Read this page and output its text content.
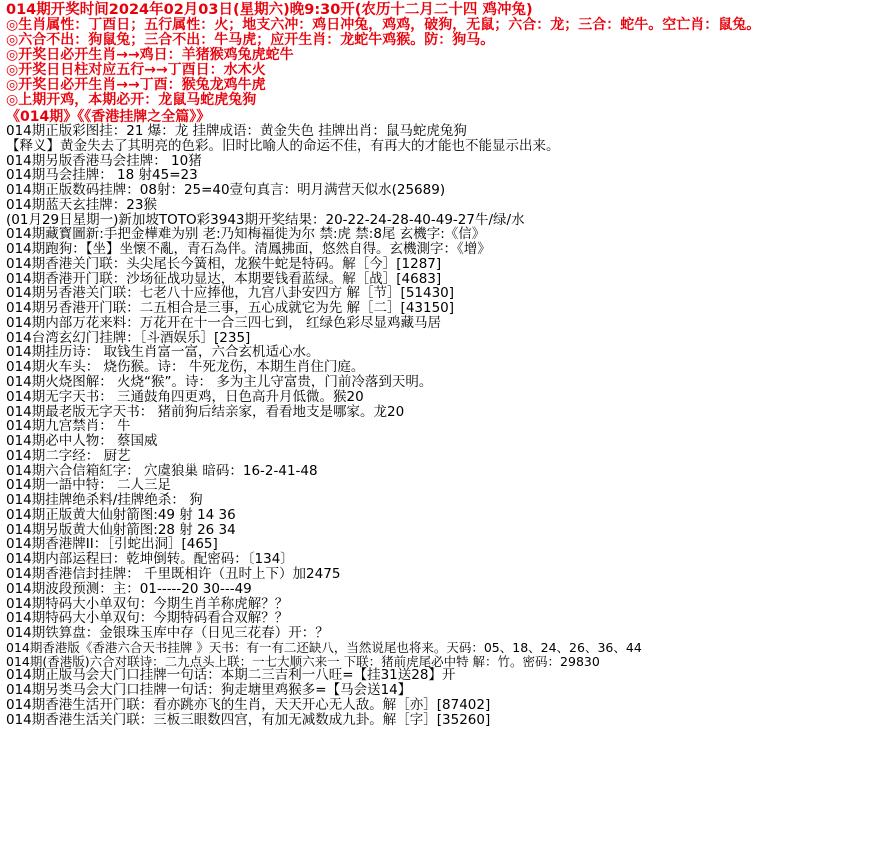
014期开奖时间2024年02月03日(星期六)晚9:30开(农历十二月二十四 鸡冲兔)
◎生肖属性：丁酉日；五行属性：火；地支六冲：鸡日冲兔，鸡鸡，破狗，无鼠；六合：龙；三合：蛇牛。空亡肖：鼠兔。
◎六合不出：狗鼠兔；三合不出：牛马虎；应开生肖：龙蛇牛鸡猴。防：狗马。
◎开奖日必开生肖→→鸡日：羊猪猴鸡兔虎蛇牛
◎开奖日日柱对应五行→→丁酉日：水木火
◎开奖日必开生肖→→丁酉：猴兔龙鸡牛虎
◎上期开鸡，本期必开：龙鼠马蛇虎兔狗
《014期》《《香港挂牌之全篇》》
014期正版彩图挂：21 爆：龙 挂牌成语：黄金失色 挂牌出肖：鼠马蛇虎兔狗
【释义】黄金失去了其明亮的色彩。旧时比喻人的命运不佳，有再大的才能也不能显示出来。
014期另版香港马会挂牌： 10猪
014期马会挂牌： 18 射45=23
014期正版数码挂牌：08射：25=40壹句真言：明月满营天似水(25689)
014期蓝天玄挂牌：23猴
(01月29日星期一)新加坡TOTO彩3943期开奖结果：20-22-24-28-40-49-27牛/绿/水
014期藏寳圖新:手把金樺难为别 老:乃知梅福徙为尔 禁:虎 禁:8尾 玄機字:《信》
014期跑狗：【坐】坐懷不亂，青石為伴。清鳳拂面，悠然自得。玄機測字：《增》
014期香港关门联：头尖尾长今簧相，龙猴牛蛇是特码。解［今］[1287]
014期香港开门联：沙场征战功显达，本期要钱看蓝绿。解［战］[4683]
014期另香港关门联：七老八十应捧他，九宫八卦安四方 解［节］[51430]
014期另香港开门联：二五相合是三事，五心成就它为先 解［二］[43150]
014期内部万花来料：万花开在十一合三四七到， 红绿色彩尽显鸡藏马居
014台湾玄幻门挂牌：［斗酒娱乐］[235]
014期挂历诗： 取钱生肖富一富，六合玄机适心水。
014期火车头： 烧伤猴。诗： 牛死龙伤，本期生肖住门庭。
014期火烧图解： 火烧“猴”。诗： 多为主儿守富贵，门前冷落到天明。
014期无字天书： 三通鼓角四更鸡，日色高升月低微。猴20
014期最老版无字天书： 猪前狗后结亲家，看看地支是哪家。龙20
014期九宫禁肖： 牛
014期必中人物： 蔡国威
014期二字经： 厨艺
014期六合信箱紅字： 穴虞狼巢 暗码：16-2-41-48
014期一語中特： 二人三足
014期挂牌绝杀料/挂牌绝杀： 狗
014期正版黄大仙射箭图:49 射 14 36
014期另版黄大仙射箭图:28 射 26 34
014期香港牌II：［引蛇出洞］[465]
014期内部运程曰：乾坤倒转。配密码：〔134〕
014期香港信封挂牌： 千里既相许（丑时上下）加2475
014期波段预测：主：01-----20 30---49
014期特码大小单双句：今期生肖羊称虎解？？
014期特码大小单双句：今期特码看合双解？？
014期铁算盘：金银珠玉库中存（日见三花春）开：？
014期香港版《香港六合天书挂牌 》天书：有一有二还缺八，当然说尾也将来。天码：05、18、24、26、36、44
014期(香港版)六合对联诗：二九点头上联：一七大顺六来一 下联：猪前虎尾必中特 解：竹。密码：29830
014期正版马会大门口挂牌一句话：本期二三吉利一八旺=【挂31送28】开
014期另类马会大门口挂牌一句话：狗走塘里鸡猴多=【马会送14】
014期香港生活开门联：看亦跳亦飞的生肖，天天开心无人敌。解［亦］[87402]
014期香港生活关门联：三板三眼数四宫，有加无减数成九卦。解［字］[35260]
